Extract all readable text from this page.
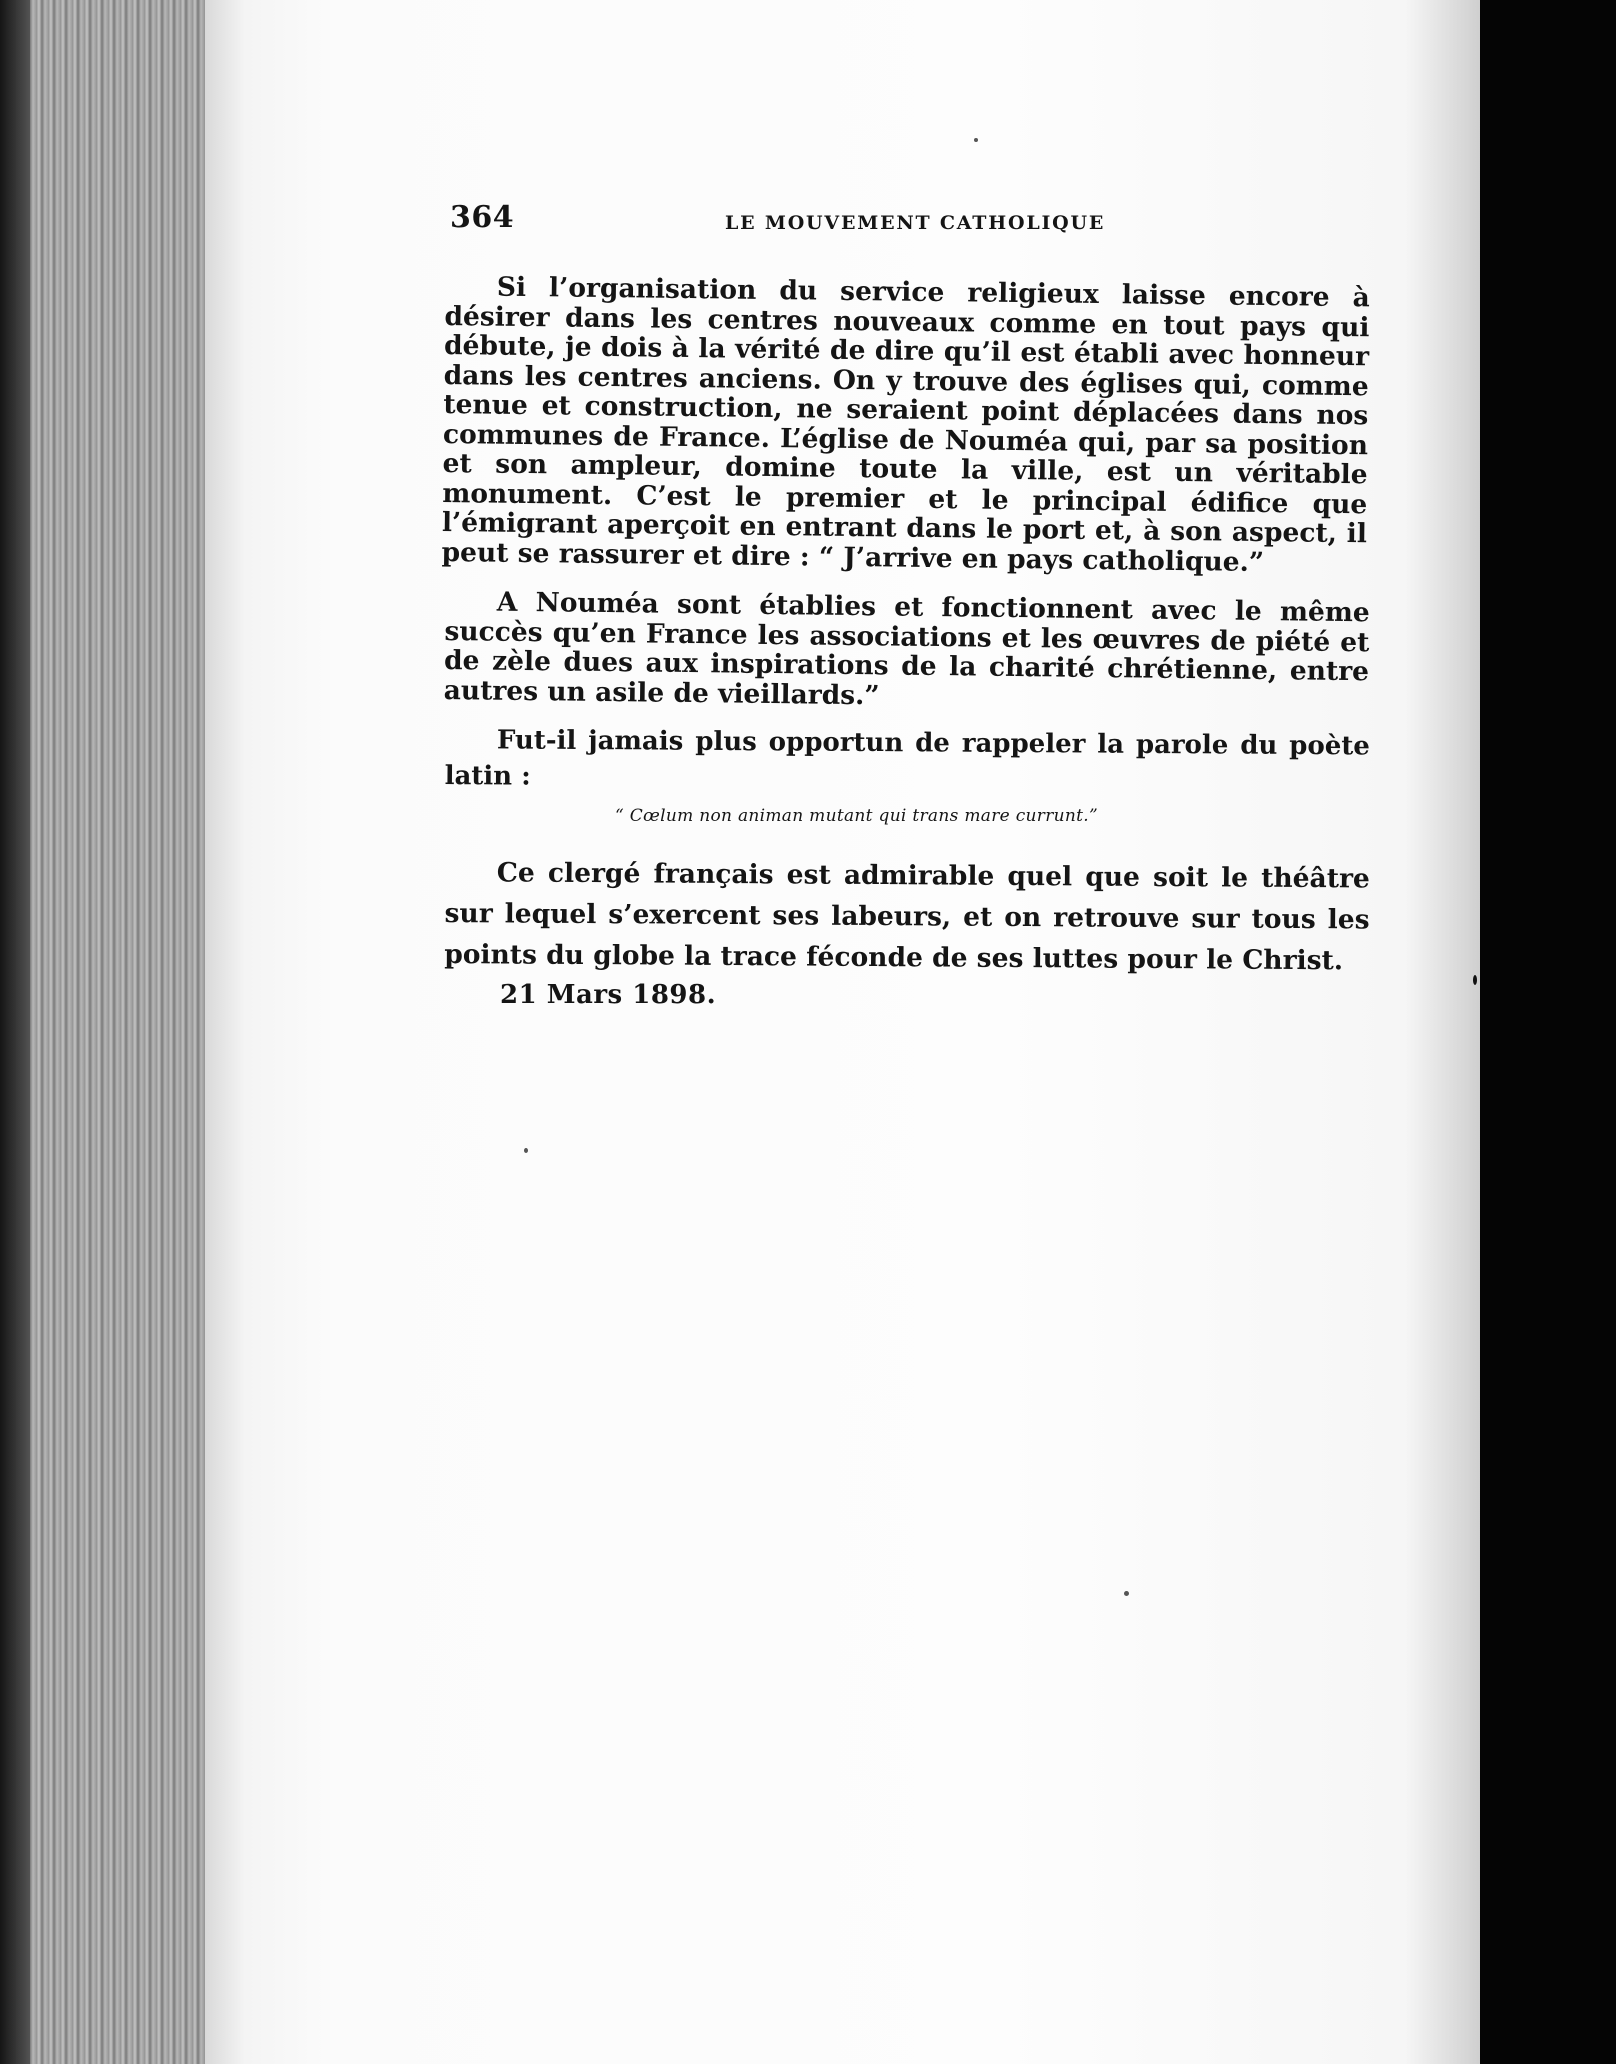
364	LE MOUVEMENT CATHOLIQUE

Si l’organisation du service religieux laisse encore à désirer dans les centres nouveaux comme en tout pays qui débute, je dois à la vérité de dire qu’il est établi avec honneur dans les centres anciens. On y trouve des églises qui, comme tenue et construction, ne seraient point déplacées dans nos communes de France. L’église de Nouméa qui, par sa position et son ampleur, domine toute la ville, est un véritable monument. C’est le premier et le principal édifice que l’émigrant aperçoit en entrant dans le port et, à son aspect, il peut se rassurer et dire : “ J’arrive en pays catholique.”

A Nouméa sont établies et fonctionnent avec le même succès qu’en France les associations et les œuvres de piété et de zèle dues aux inspirations de la charité chrétienne, entre autres un asile de vieillards.”

Fut-il jamais plus opportun de rappeler la parole du poète latin :

“ Cœlum non animan mutant qui trans mare currunt.”

Ce clergé français est admirable quel que soit le théâtre sur lequel s’exercent ses labeurs, et on retrouve sur tous les points du globe la trace féconde de ses luttes pour le Christ.

21 Mars 1898.
